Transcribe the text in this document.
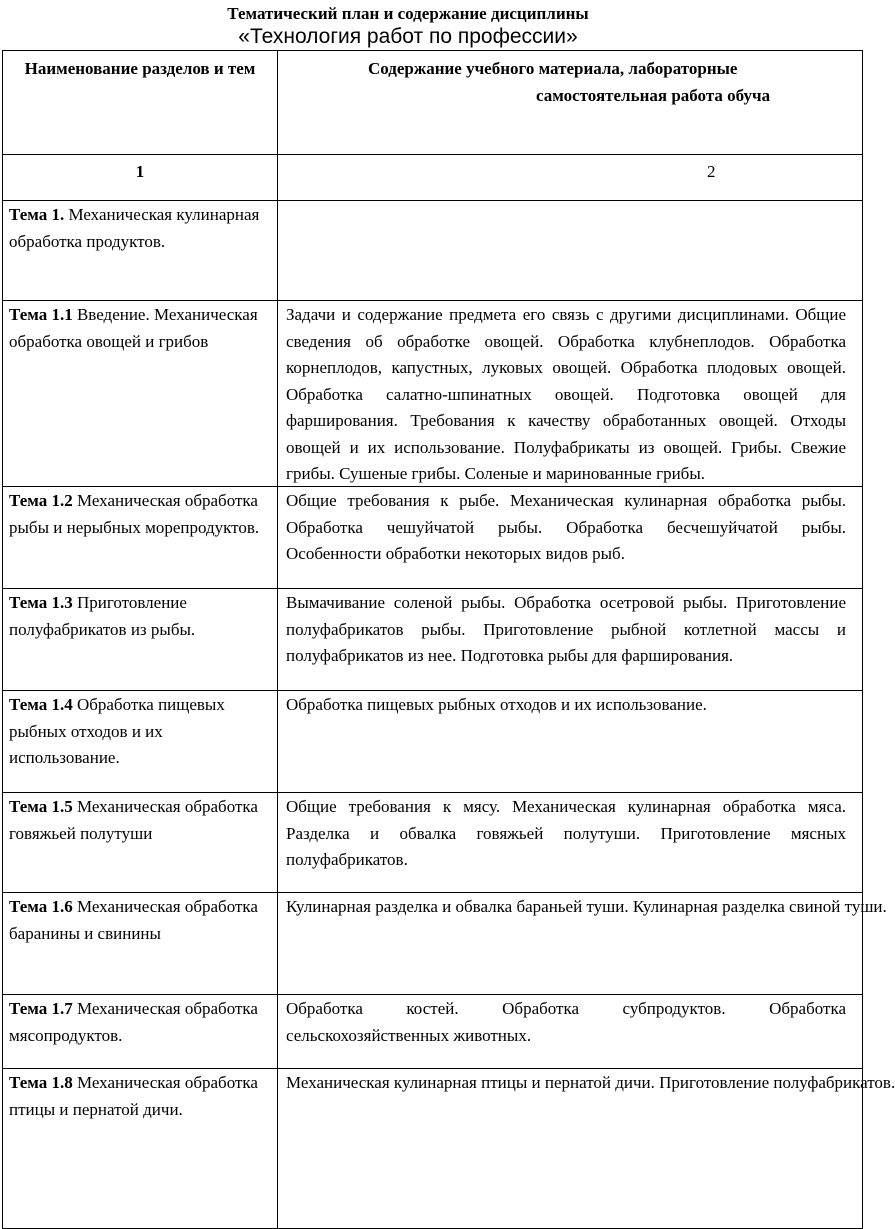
Тематический план и содержание дисциплины
«Технология работ по профессии»
Наименование разделов и тем	Содержание учебного материала, лабораторные
самостоятельная работа обуча

1	2
Тема 1. Механическая кулинарная обработка продуктов.	

Тема 1.1 Введение. Механическая обработка овощей и грибов	Задачи и содержание предмета его связь с другими дисциплинами. Общие сведения об обработке овощей. Обработка клубнеплодов. Обработка корнеплодов, капустных, луковых овощей. Обработка плодовых овощей. Обработка салатно-шпинатных овощей. Подготовка овощей для фарширования. Требования к качеству обработанных овощей. Отходы овощей и их использование. Полуфабрикаты из овощей. Грибы. Свежие грибы. Сушеные грибы. Соленые и маринованные грибы.

Тема 1.2 Механическая обработка рыбы и нерыбных морепродуктов.	Общие требования к рыбе. Механическая кулинарная обработка рыбы. Обработка чешуйчатой рыбы. Обработка бесчешуйчатой рыбы. Особенности обработки некоторых видов рыб.

Тема 1.3 Приготовление полуфабрикатов из рыбы.	Вымачивание соленой рыбы. Обработка осетровой рыбы. Приготовление полуфабрикатов рыбы. Приготовление рыбной котлетной массы и полуфабрикатов из нее. Подготовка рыбы для фарширования.

Тема 1.4 Обработка пищевых рыбных отходов и их использование.	Обработка пищевых рыбных отходов и их использование.

Тема 1.5 Механическая обработка говяжьей полутуши	Общие требования к мясу. Механическая кулинарная обработка мяса. Разделка и обвалка говяжьей полутуши. Приготовление мясных полуфабрикатов.

Тема 1.6 Механическая обработка баранины и свинины	Кулинарная разделка и обвалка бараньей туши. Кулинарная разделка свиной туши.

Тема 1.7 Механическая обработка мясопродуктов.	Обработка костей. Обработка субпродуктов. Обработка сельскохозяйственных животных.

Тема 1.8 Механическая обработка птицы и пернатой дичи.	Механическая кулинарная птицы и пернатой дичи. Приготовление полуфабрикатов.
